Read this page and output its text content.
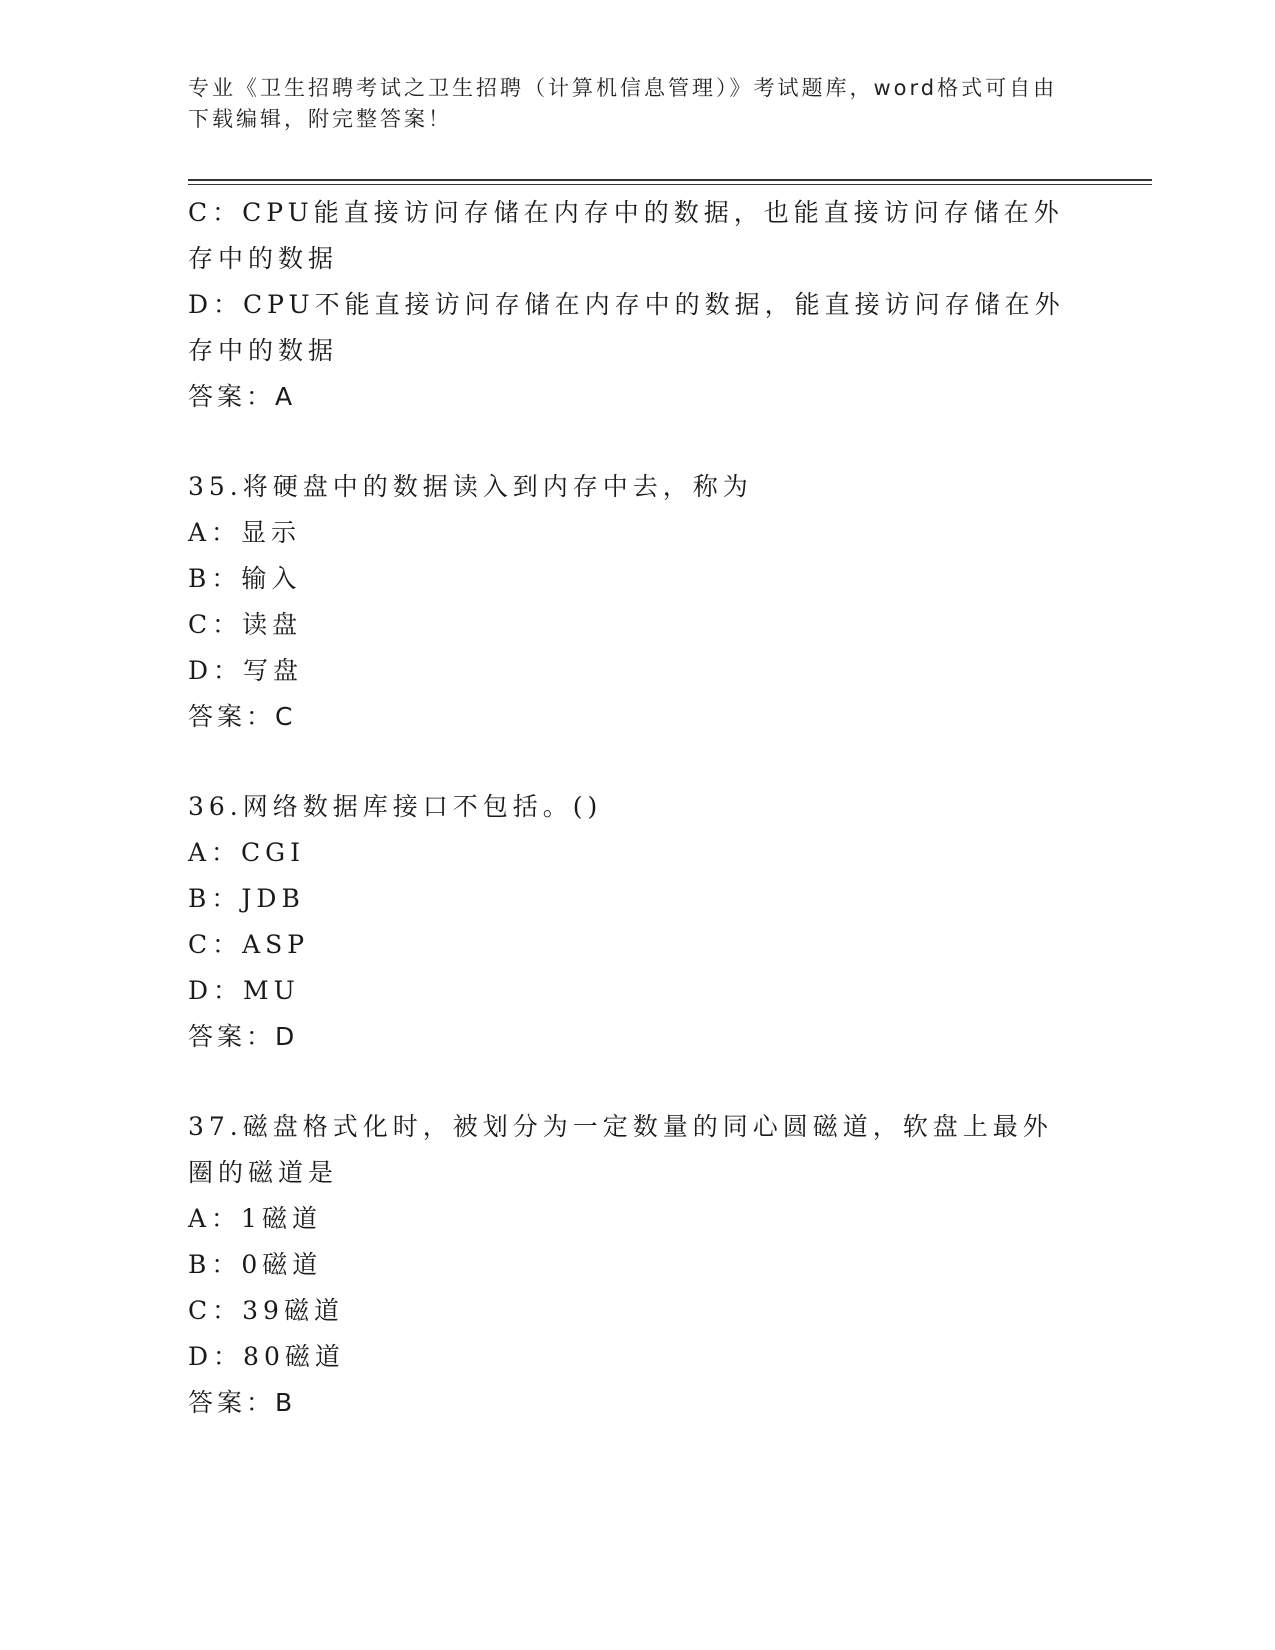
专业《卫生招聘考试之卫生招聘（计算机信息管理）》考试题库，word格式可自由下载编辑，附完整答案！
C：CPU能直接访问存储在内存中的数据，也能直接访问存储在外存中的数据
D：CPU不能直接访问存储在内存中的数据，能直接访问存储在外存中的数据
答案：A
35.将硬盘中的数据读入到内存中去，称为
A：显示
B：输入
C：读盘
D：写盘
答案：C
36.网络数据库接口不包括。()
A：CGI
B：JDB
C：ASP
D：MU
答案：D
37.磁盘格式化时，被划分为一定数量的同心圆磁道，软盘上最外圈的磁道是
A：1磁道
B：0磁道
C：39磁道
D：80磁道
答案：B
